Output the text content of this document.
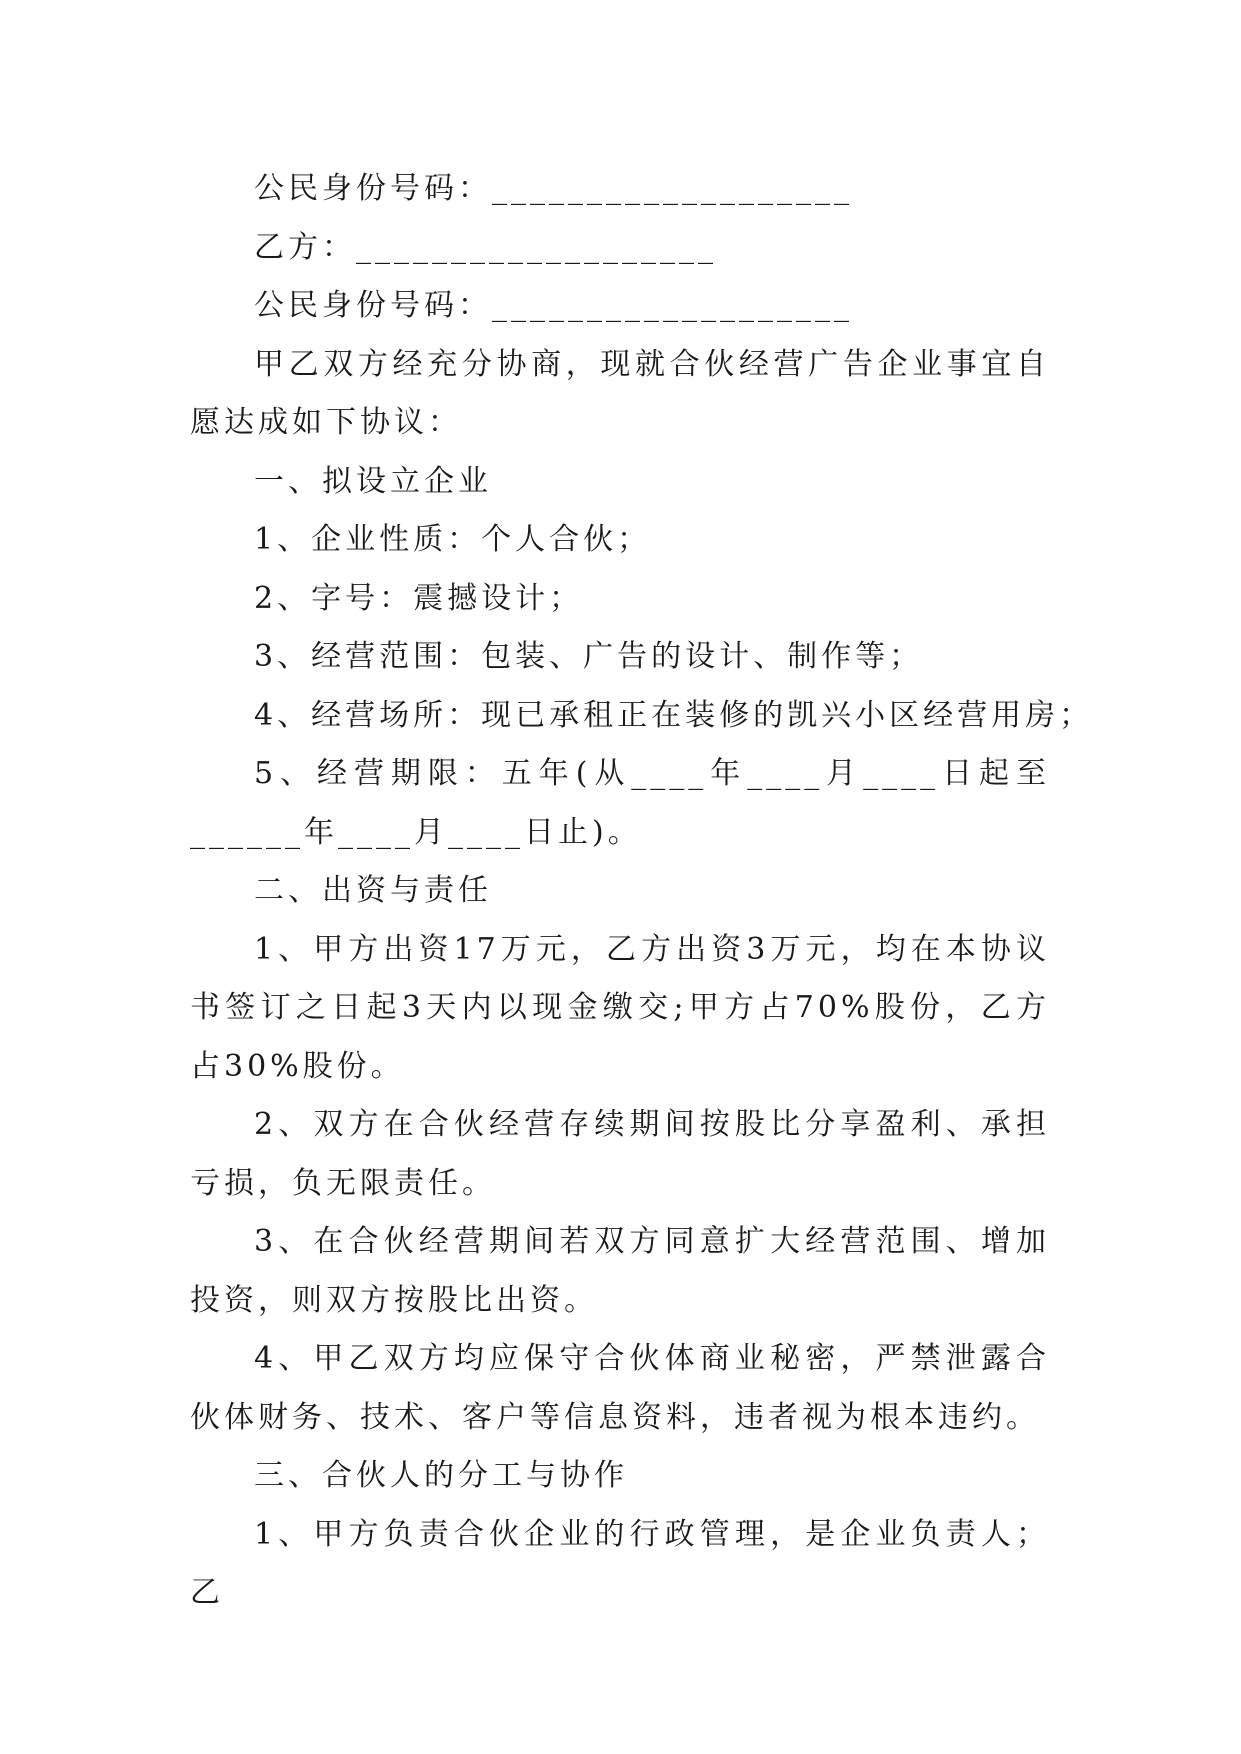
公民身份号码：___________________

乙方：___________________

公民身份号码：___________________

甲乙双方经充分协商，现就合伙经营广告企业事宜自愿达成如下协议：

一、拟设立企业

1、企业性质：个人合伙；

2、字号：震撼设计；

3、经营范围：包装、广告的设计、制作等；

4、经营场所：现已承租正在装修的凯兴小区经营用房；

5、经营期限：五年(从____年____月____日起至______年____月____日止)。

二、出资与责任

1、甲方出资17万元，乙方出资3万元，均在本协议书签订之日起3天内以现金缴交;甲方占70%股份，乙方占30%股份。

2、双方在合伙经营存续期间按股比分享盈利、承担亏损，负无限责任。

3、在合伙经营期间若双方同意扩大经营范围、增加投资，则双方按股比出资。

4、甲乙双方均应保守合伙体商业秘密，严禁泄露合伙体财务、技术、客户等信息资料，违者视为根本违约。

三、合伙人的分工与协作

1、甲方负责合伙企业的行政管理，是企业负责人；乙
